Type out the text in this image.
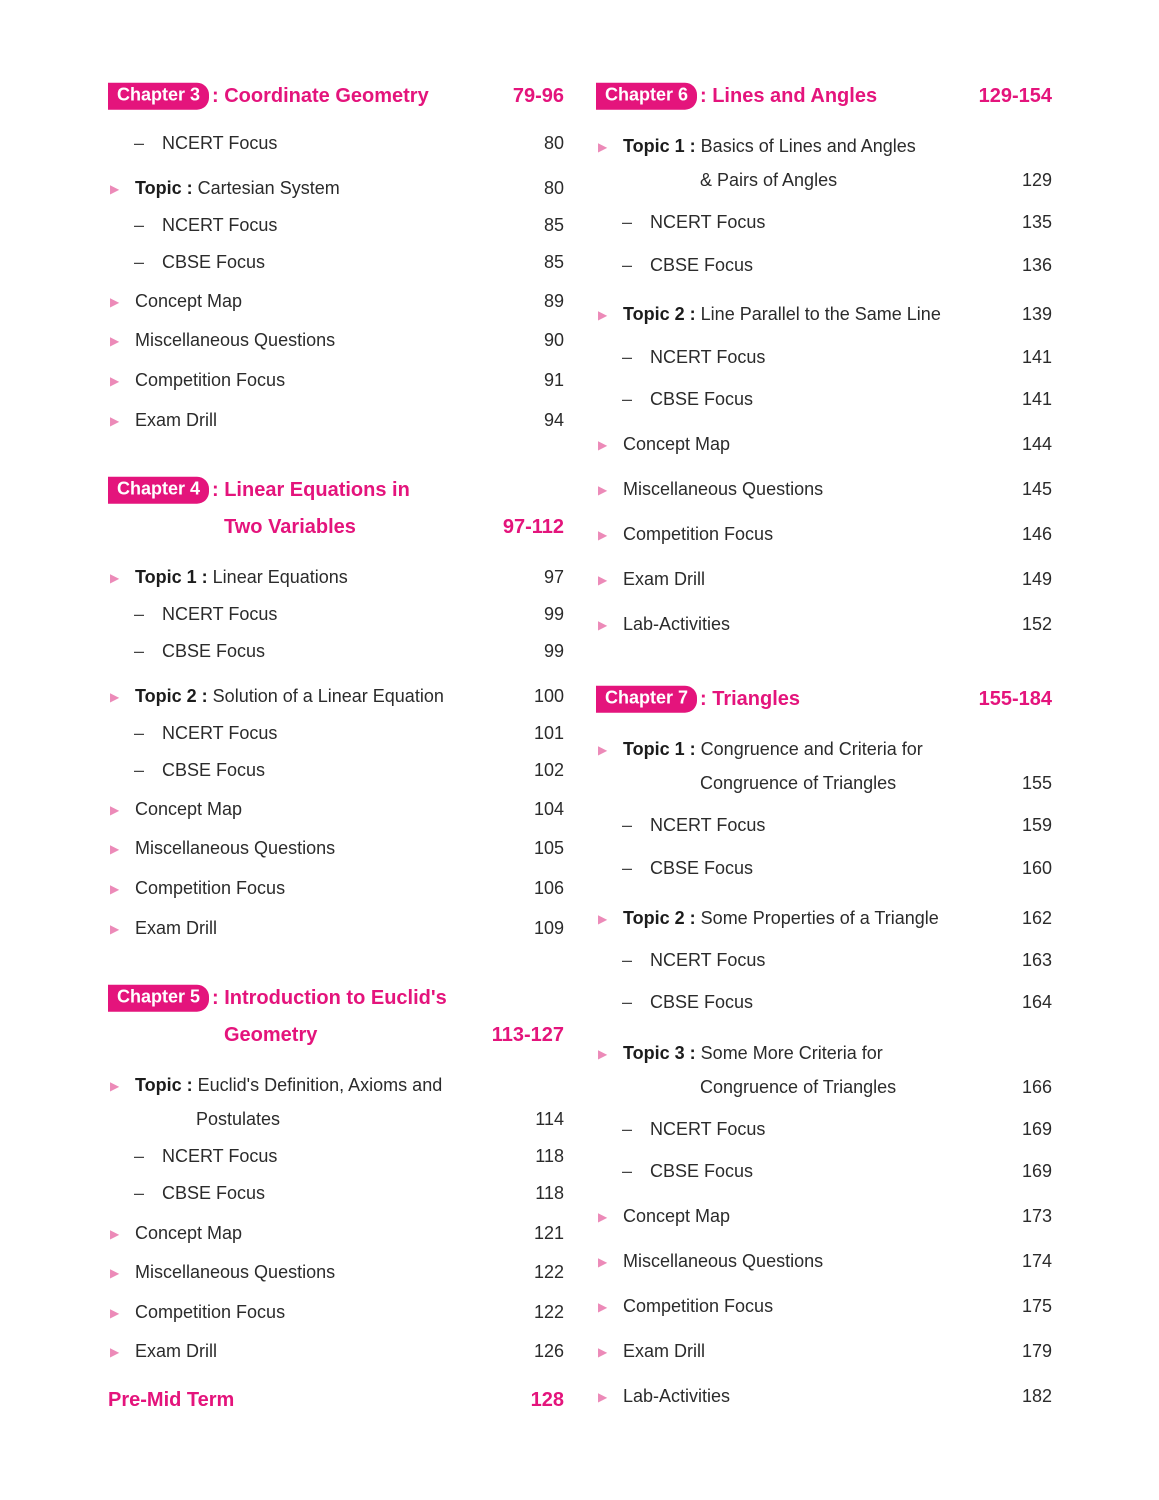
Chapter 3 : Coordinate Geometry	79-96
– NCERT Focus	80
▶ Topic : Cartesian System	80
– NCERT Focus	85
– CBSE Focus	85
▶ Concept Map	89
▶ Miscellaneous Questions	90
▶ Competition Focus	91
▶ Exam Drill	94
Chapter 4 : Linear Equations in
Two Variables	97-112
▶ Topic 1 : Linear Equations	97
– NCERT Focus	99
– CBSE Focus	99
▶ Topic 2 : Solution of a Linear Equation	100
– NCERT Focus	101
– CBSE Focus	102
▶ Concept Map	104
▶ Miscellaneous Questions	105
▶ Competition Focus	106
▶ Exam Drill	109
Chapter 5 : Introduction to Euclid's
Geometry	113-127
▶ Topic : Euclid's Definition, Axioms and
Postulates	114
– NCERT Focus	118
– CBSE Focus	118
▶ Concept Map	121
▶ Miscellaneous Questions	122
▶ Competition Focus	122
▶ Exam Drill	126
Pre-Mid Term	128
Chapter 6 : Lines and Angles	129-154
▶ Topic 1 : Basics of Lines and Angles
& Pairs of Angles	129
– NCERT Focus	135
– CBSE Focus	136
▶ Topic 2 : Line Parallel to the Same Line	139
– NCERT Focus	141
– CBSE Focus	141
▶ Concept Map	144
▶ Miscellaneous Questions	145
▶ Competition Focus	146
▶ Exam Drill	149
▶ Lab-Activities	152
Chapter 7 : Triangles	155-184
▶ Topic 1 : Congruence and Criteria for
Congruence of Triangles	155
– NCERT Focus	159
– CBSE Focus	160
▶ Topic 2 : Some Properties of a Triangle	162
– NCERT Focus	163
– CBSE Focus	164
▶ Topic 3 : Some More Criteria for
Congruence of Triangles	166
– NCERT Focus	169
– CBSE Focus	169
▶ Concept Map	173
▶ Miscellaneous Questions	174
▶ Competition Focus	175
▶ Exam Drill	179
▶ Lab-Activities	182
